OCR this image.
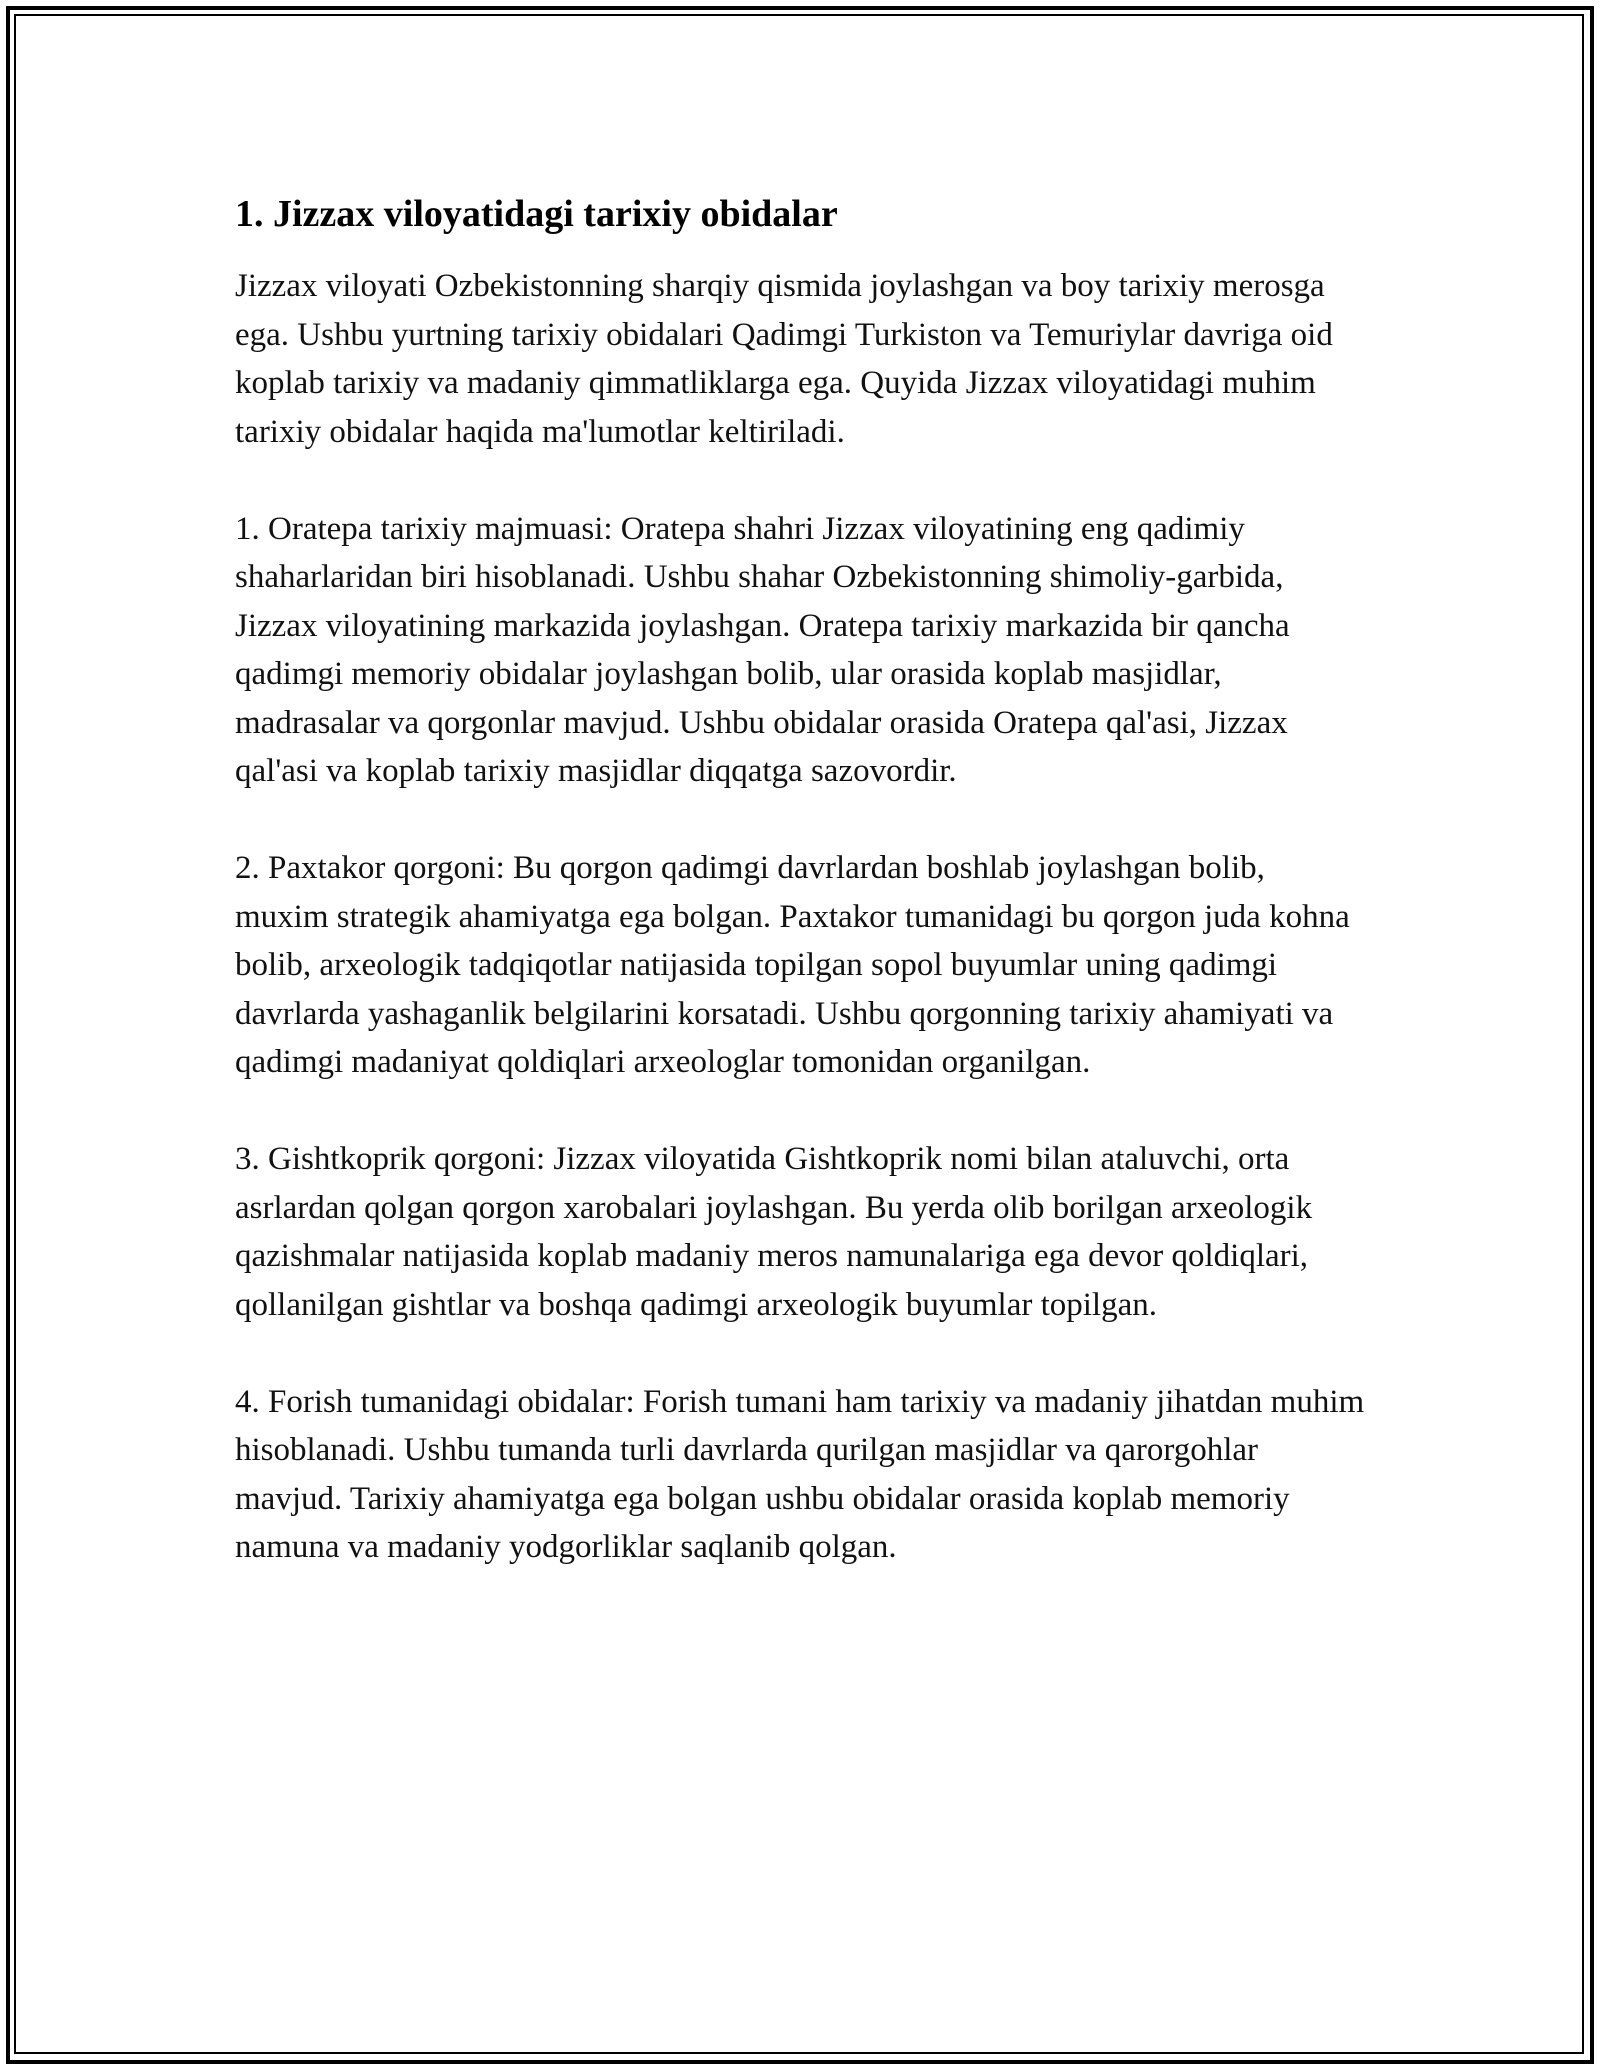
1. Jizzax viloyatidagi tarixiy obidalar

Jizzax viloyati Ozbekistonning sharqiy qismida joylashgan va boy tarixiy merosga ega. Ushbu yurtning tarixiy obidalari Qadimgi Turkiston va Temuriylar davriga oid koplab tarixiy va madaniy qimmatliklarga ega. Quyida Jizzax viloyatidagi muhim tarixiy obidalar haqida ma'lumotlar keltiriladi.

1. Oratepa tarixiy majmuasi: Oratepa shahri Jizzax viloyatining eng qadimiy shaharlaridan biri hisoblanadi. Ushbu shahar Ozbekistonning shimoliy-garbida, Jizzax viloyatining markazida joylashgan. Oratepa tarixiy markazida bir qancha qadimgi memoriy obidalar joylashgan bolib, ular orasida koplab masjidlar, madrasalar va qorgonlar mavjud. Ushbu obidalar orasida Oratepa qal'asi, Jizzax qal'asi va koplab tarixiy masjidlar diqqatga sazovordir.

2. Paxtakor qorgoni: Bu qorgon qadimgi davrlardan boshlab joylashgan bolib, muxim strategik ahamiyatga ega bolgan. Paxtakor tumanidagi bu qorgon juda kohna bolib, arxeologik tadqiqotlar natijasida topilgan sopol buyumlar uning qadimgi davrlarda yashaganlik belgilarini korsatadi. Ushbu qorgonning tarixiy ahamiyati va qadimgi madaniyat qoldiqlari arxeologlar tomonidan organilgan.

3. Gishtkoprik qorgoni: Jizzax viloyatida Gishtkoprik nomi bilan ataluvchi, orta asrlardan qolgan qorgon xarobalari joylashgan. Bu yerda olib borilgan arxeologik qazishmalar natijasida koplab madaniy meros namunalariga ega devor qoldiqlari, qollanilgan gishtlar va boshqa qadimgi arxeologik buyumlar topilgan.

4. Forish tumanidagi obidalar: Forish tumani ham tarixiy va madaniy jihatdan muhim hisoblanadi. Ushbu tumanda turli davrlarda qurilgan masjidlar va qarorgohlar mavjud. Tarixiy ahamiyatga ega bolgan ushbu obidalar orasida koplab memoriy namuna va madaniy yodgorliklar saqlanib qolgan.
